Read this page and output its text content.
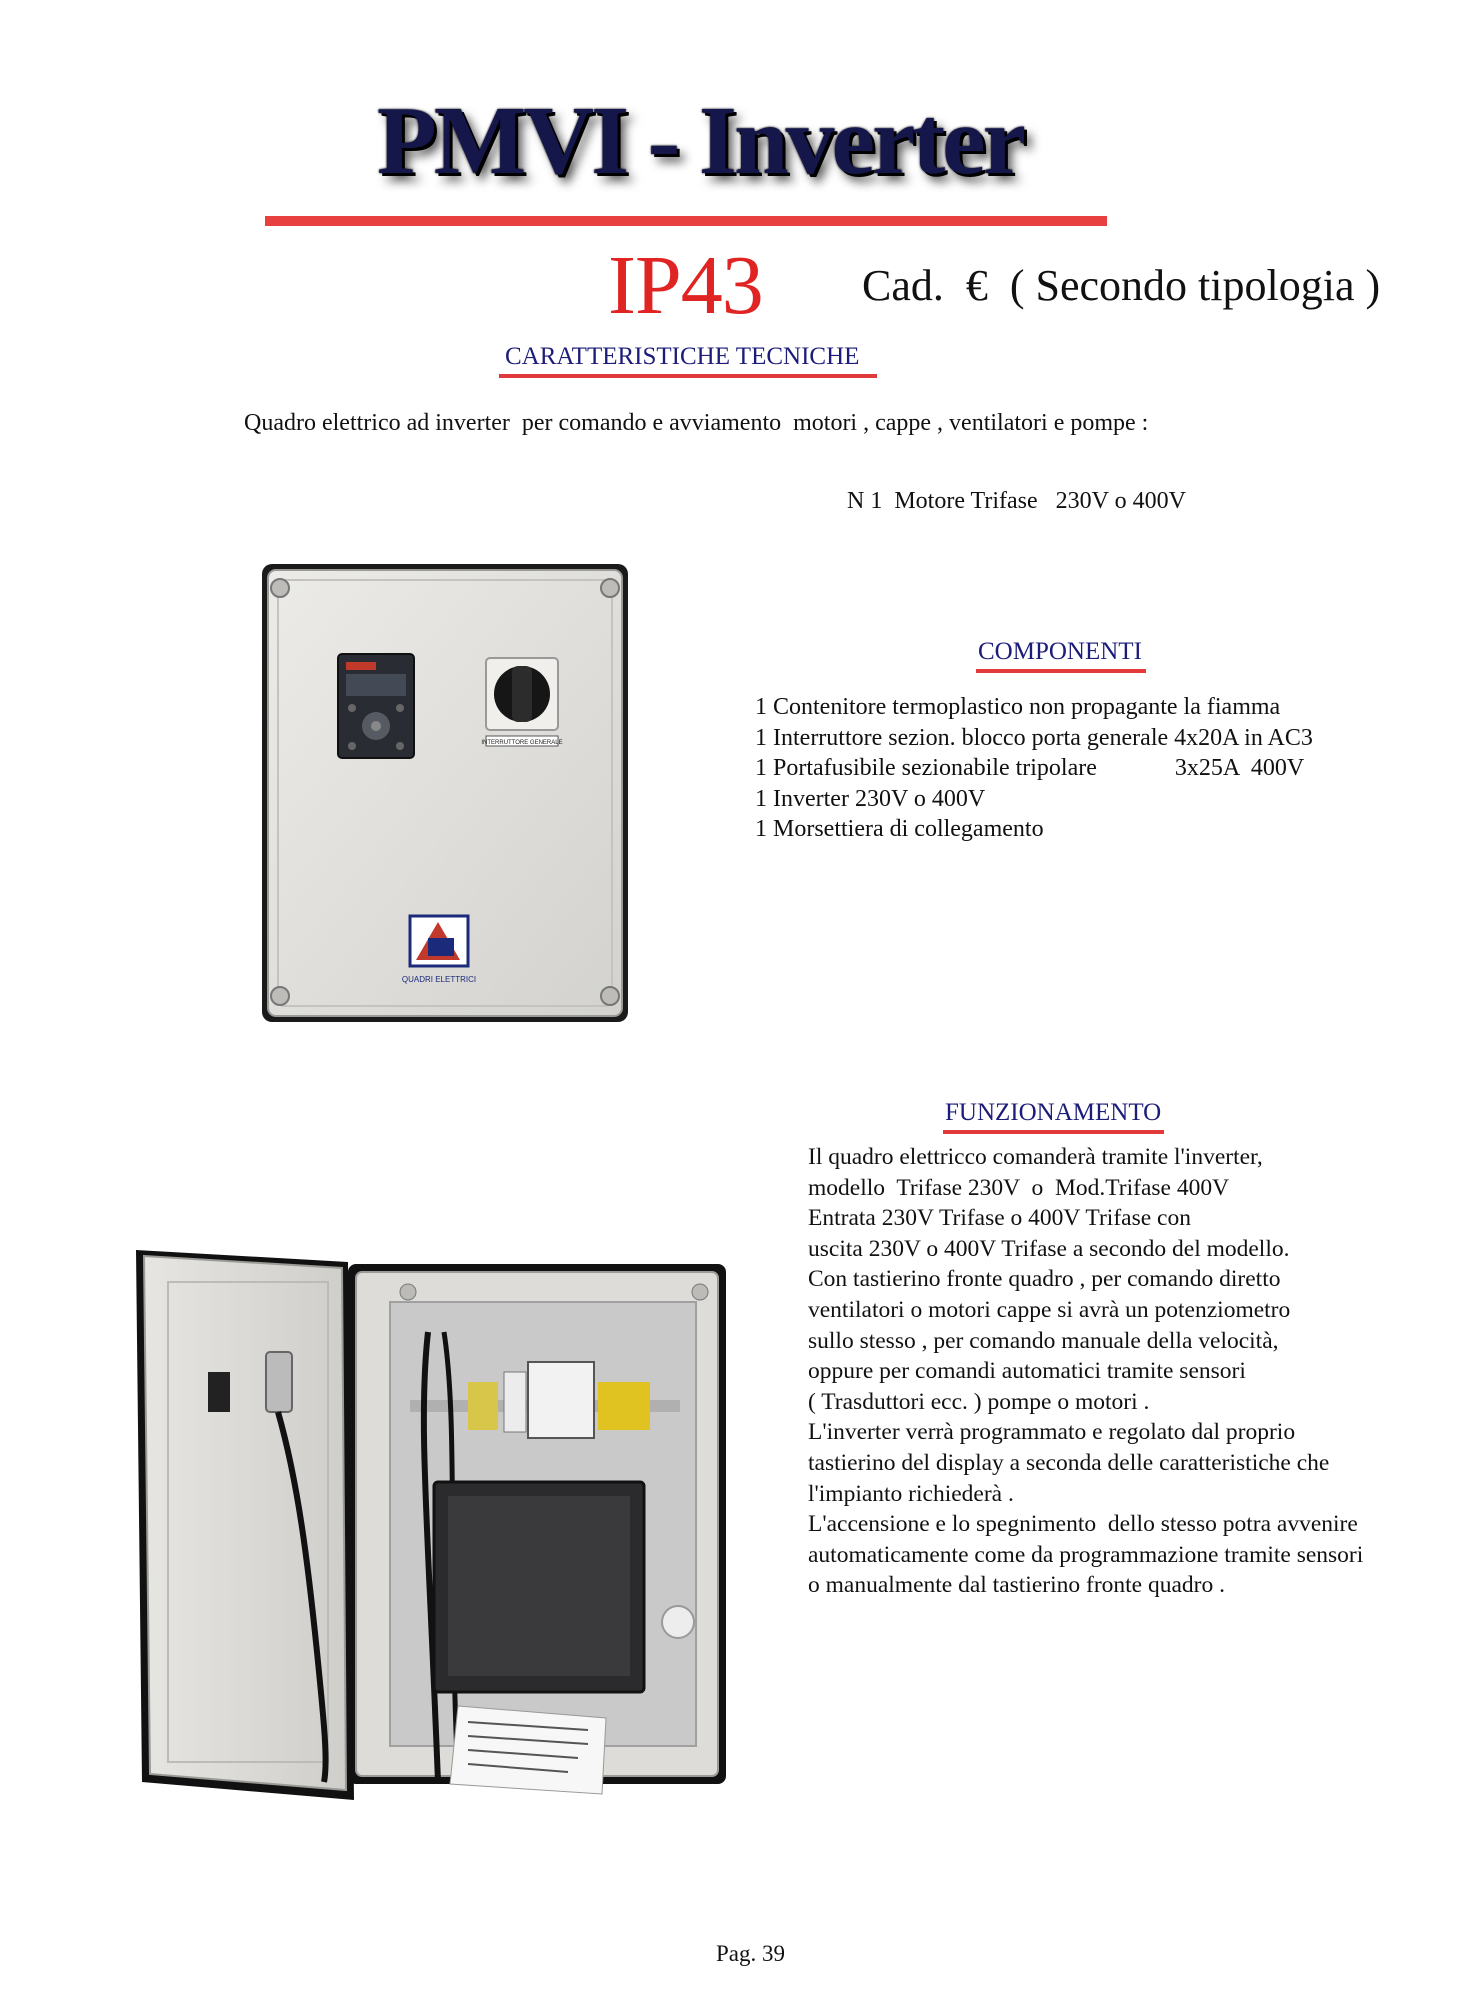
PMVI - Inverter
IP43 Cad.  €  ( Secondo tipologia )
CARATTERISTICHE TECNICHE
Quadro elettrico ad inverter  per comando e avviamento  motori , cappe , ventilatori e pompe :
N 1  Motore Trifase   230V o 400V
INTERRUTTORE GENERALE
QUADRI ELETTRICI
COMPONENTI
1 Contenitore termoplastico non propagante la fiamma
1 Interruttore sezion. blocco porta generale 4x20A in AC3
1 Portafusibile sezionabile tripolare             3x25A  400V
1 Inverter 230V o 400V
1 Morsettiera di collegamento
FUNZIONAMENTO
Il quadro elettricco comanderà tramite l'inverter,
modello  Trifase 230V  o  Mod.Trifase 400V
Entrata 230V Trifase o 400V Trifase con
uscita 230V o 400V Trifase a secondo del modello.
Con tastierino fronte quadro , per comando diretto
ventilatori o motori cappe si avrà un potenziometro
sullo stesso , per comando manuale della velocità,
oppure per comandi automatici tramite sensori
( Trasduttori ecc. ) pompe o motori .
L'inverter verrà programmato e regolato dal proprio
tastierino del display a seconda delle caratteristiche che
l'impianto richiederà .
L'accensione e lo spegnimento  dello stesso potra avvenire
automaticamente come da programmazione tramite sensori
o manualmente dal tastierino fronte quadro .
Pag. 39
